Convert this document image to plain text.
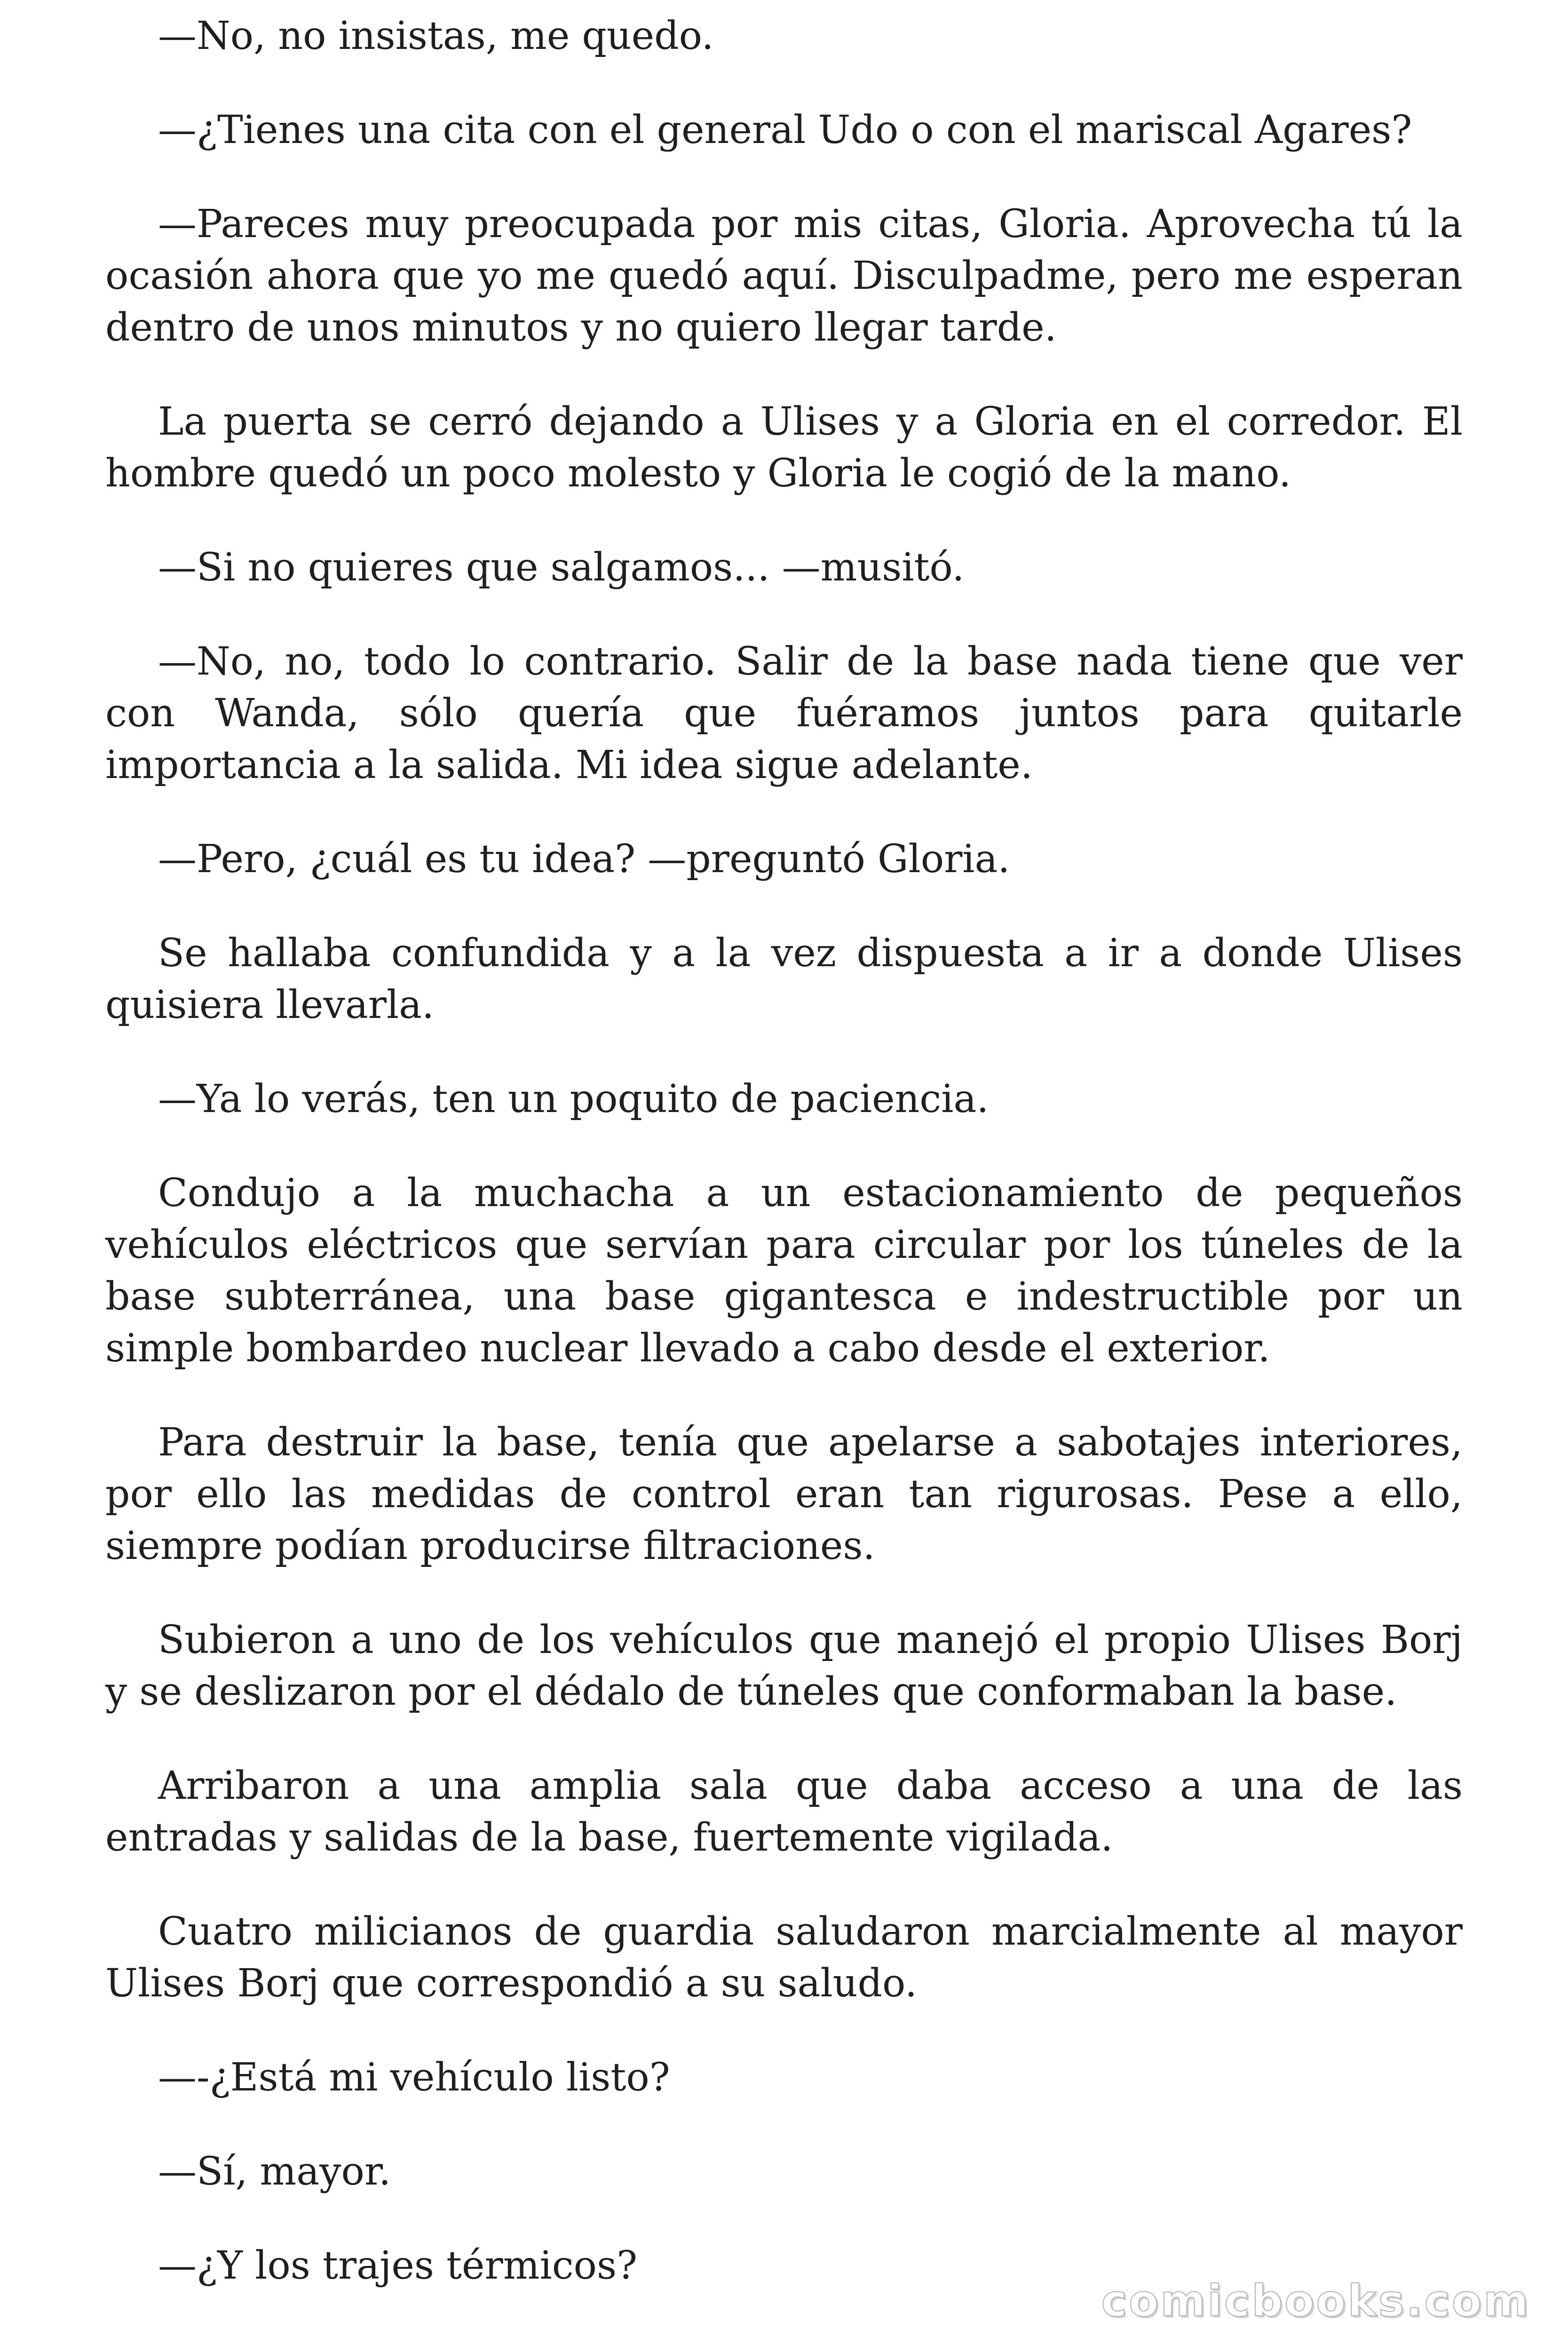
—No, no insistas, me quedo.

—¿Tienes una cita con el general Udo o con el mariscal Agares?

—Pareces muy preocupada por mis citas, Gloria. Aprovecha tú la ocasión ahora que yo me quedó aquí. Disculpadme, pero me esperan dentro de unos minutos y no quiero llegar tarde.

La puerta se cerró dejando a Ulises y a Gloria en el corredor. El hombre quedó un poco molesto y Gloria le cogió de la mano.

—Si no quieres que salgamos... —musitó.

—No, no, todo lo contrario. Salir de la base nada tiene que ver con Wanda, sólo quería que fuéramos juntos para quitarle importancia a la salida. Mi idea sigue adelante.

—Pero, ¿cuál es tu idea? —preguntó Gloria.

Se hallaba confundida y a la vez dispuesta a ir a donde Ulises quisiera llevarla.

—Ya lo verás, ten un poquito de paciencia.

Condujo a la muchacha a un estacionamiento de pequeños vehículos eléctricos que servían para circular por los túneles de la base subterránea, una base gigantesca e indestructible por un simple bombardeo nuclear llevado a cabo desde el exterior.

Para destruir la base, tenía que apelarse a sabotajes interiores, por ello las medidas de control eran tan rigurosas. Pese a ello, siempre podían producirse filtraciones.

Subieron a uno de los vehículos que manejó el propio Ulises Borj y se deslizaron por el dédalo de túneles que conformaban la base.

Arribaron a una amplia sala que daba acceso a una de las entradas y salidas de la base, fuertemente vigilada.

Cuatro milicianos de guardia saludaron marcialmente al mayor Ulises Borj que correspondió a su saludo.

—-¿Está mi vehículo listo?

—Sí, mayor.

—¿Y los trajes térmicos?

comicbooks.com
